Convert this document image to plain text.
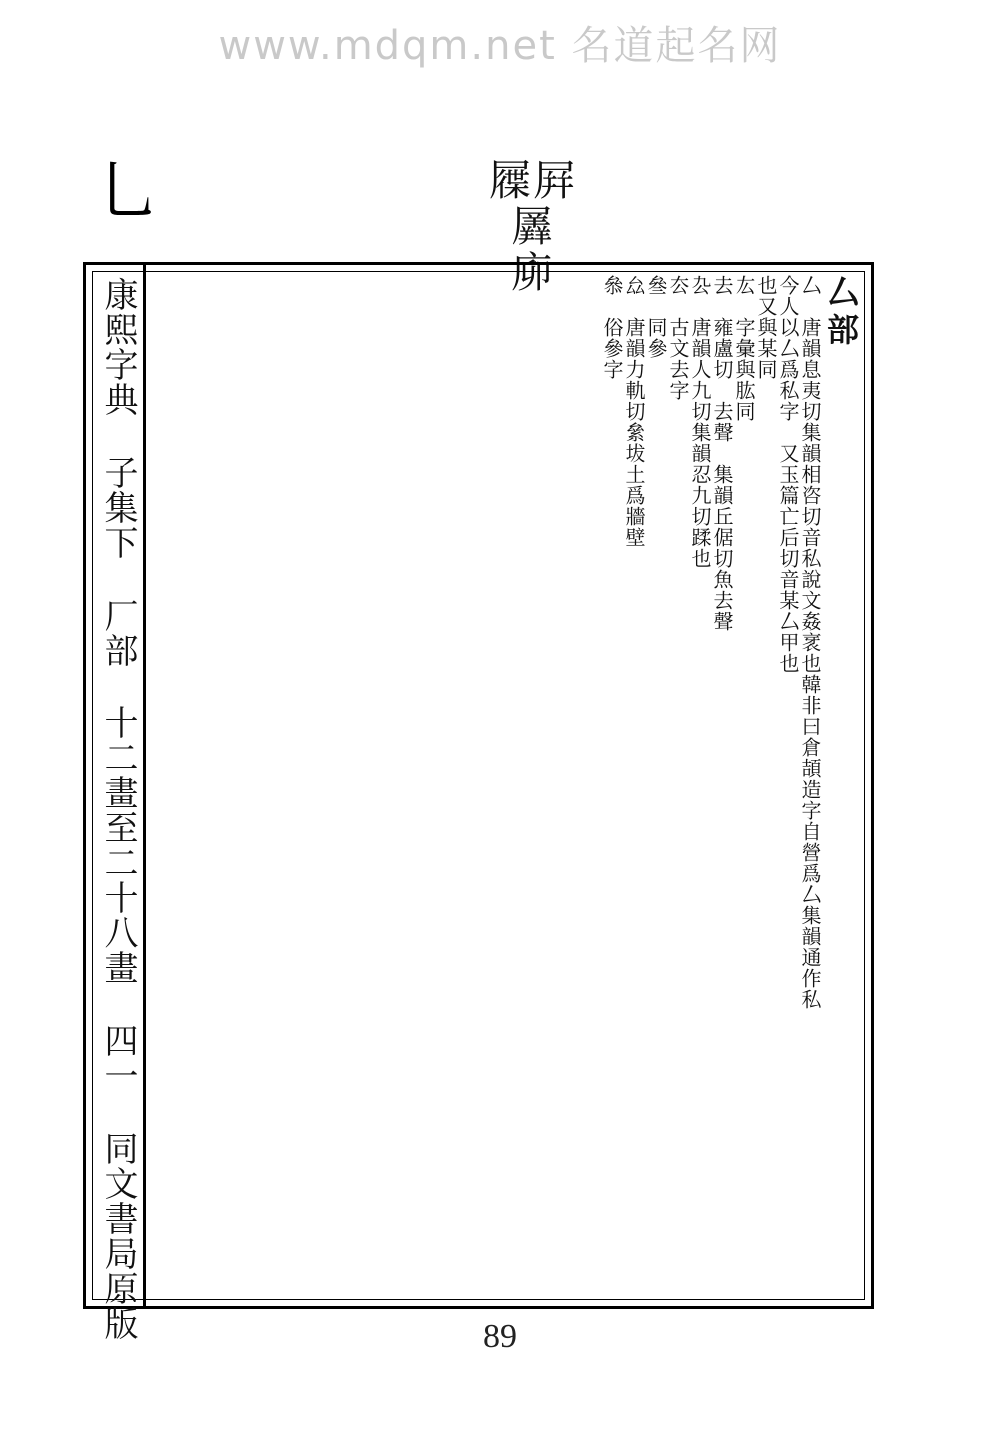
www.mdqm.net 名道起名网
乚	屧屛羼
㡻
康熙字典 子集下 厂部 十二畫至二十八畫 四一 同文書局原版
厶部
厶　唐韻息夷切集韻相咨切音私說文姦衺也韓非曰倉頡造字自營爲厶集韻通作私
今人以厶爲私字　又玉篇亡后切音某厶甲也
也又與某同
厷　字彙與肱同
去　雍盧切　去聲　集韻丘倨切魚去聲
厹　唐韻人九切集韻忍九切蹂也
厺　古文去字
叄　同參
厽　唐韻力軌切絫坺土爲牆壁
叅　俗參字
89
